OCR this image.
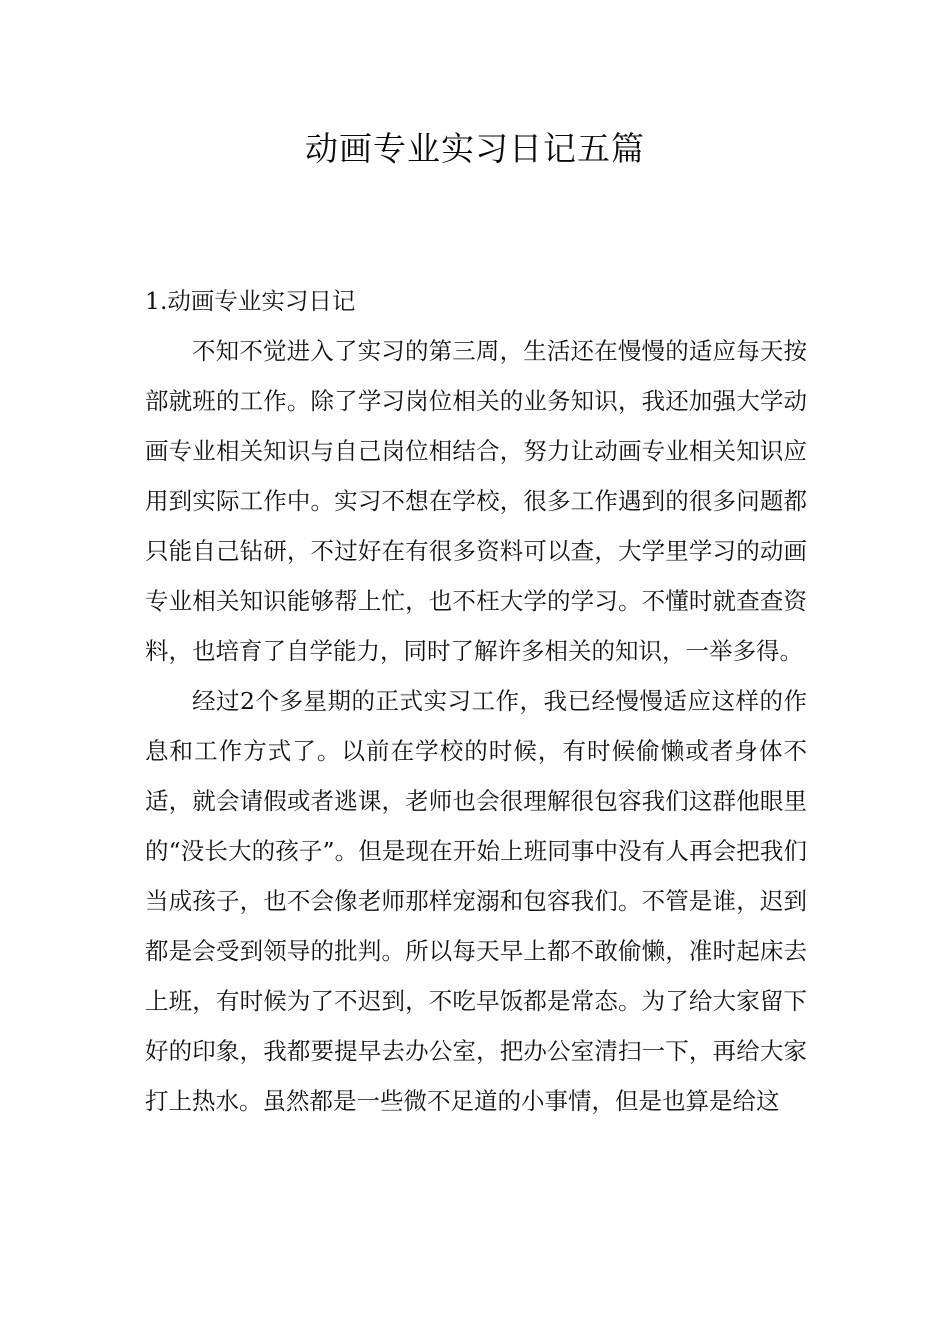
动画专业实习日记五篇

1.动画专业实习日记

不知不觉进入了实习的第三周，生活还在慢慢的适应每天按部就班的工作。除了学习岗位相关的业务知识，我还加强大学动画专业相关知识与自己岗位相结合，努力让动画专业相关知识应用到实际工作中。实习不想在学校，很多工作遇到的很多问题都只能自己钻研，不过好在有很多资料可以查，大学里学习的动画专业相关知识能够帮上忙，也不枉大学的学习。不懂时就查查资料，也培育了自学能力，同时了解许多相关的知识，一举多得。

经过2个多星期的正式实习工作，我已经慢慢适应这样的作息和工作方式了。以前在学校的时候，有时候偷懒或者身体不适，就会请假或者逃课，老师也会很理解很包容我们这群他眼里的“没长大的孩子”。但是现在开始上班同事中没有人再会把我们当成孩子，也不会像老师那样宠溺和包容我们。不管是谁，迟到都是会受到领导的批判。所以每天早上都不敢偷懒，准时起床去上班，有时候为了不迟到，不吃早饭都是常态。为了给大家留下好的印象，我都要提早去办公室，把办公室清扫一下，再给大家打上热水。虽然都是一些微不足道的小事情，但是也算是给这
